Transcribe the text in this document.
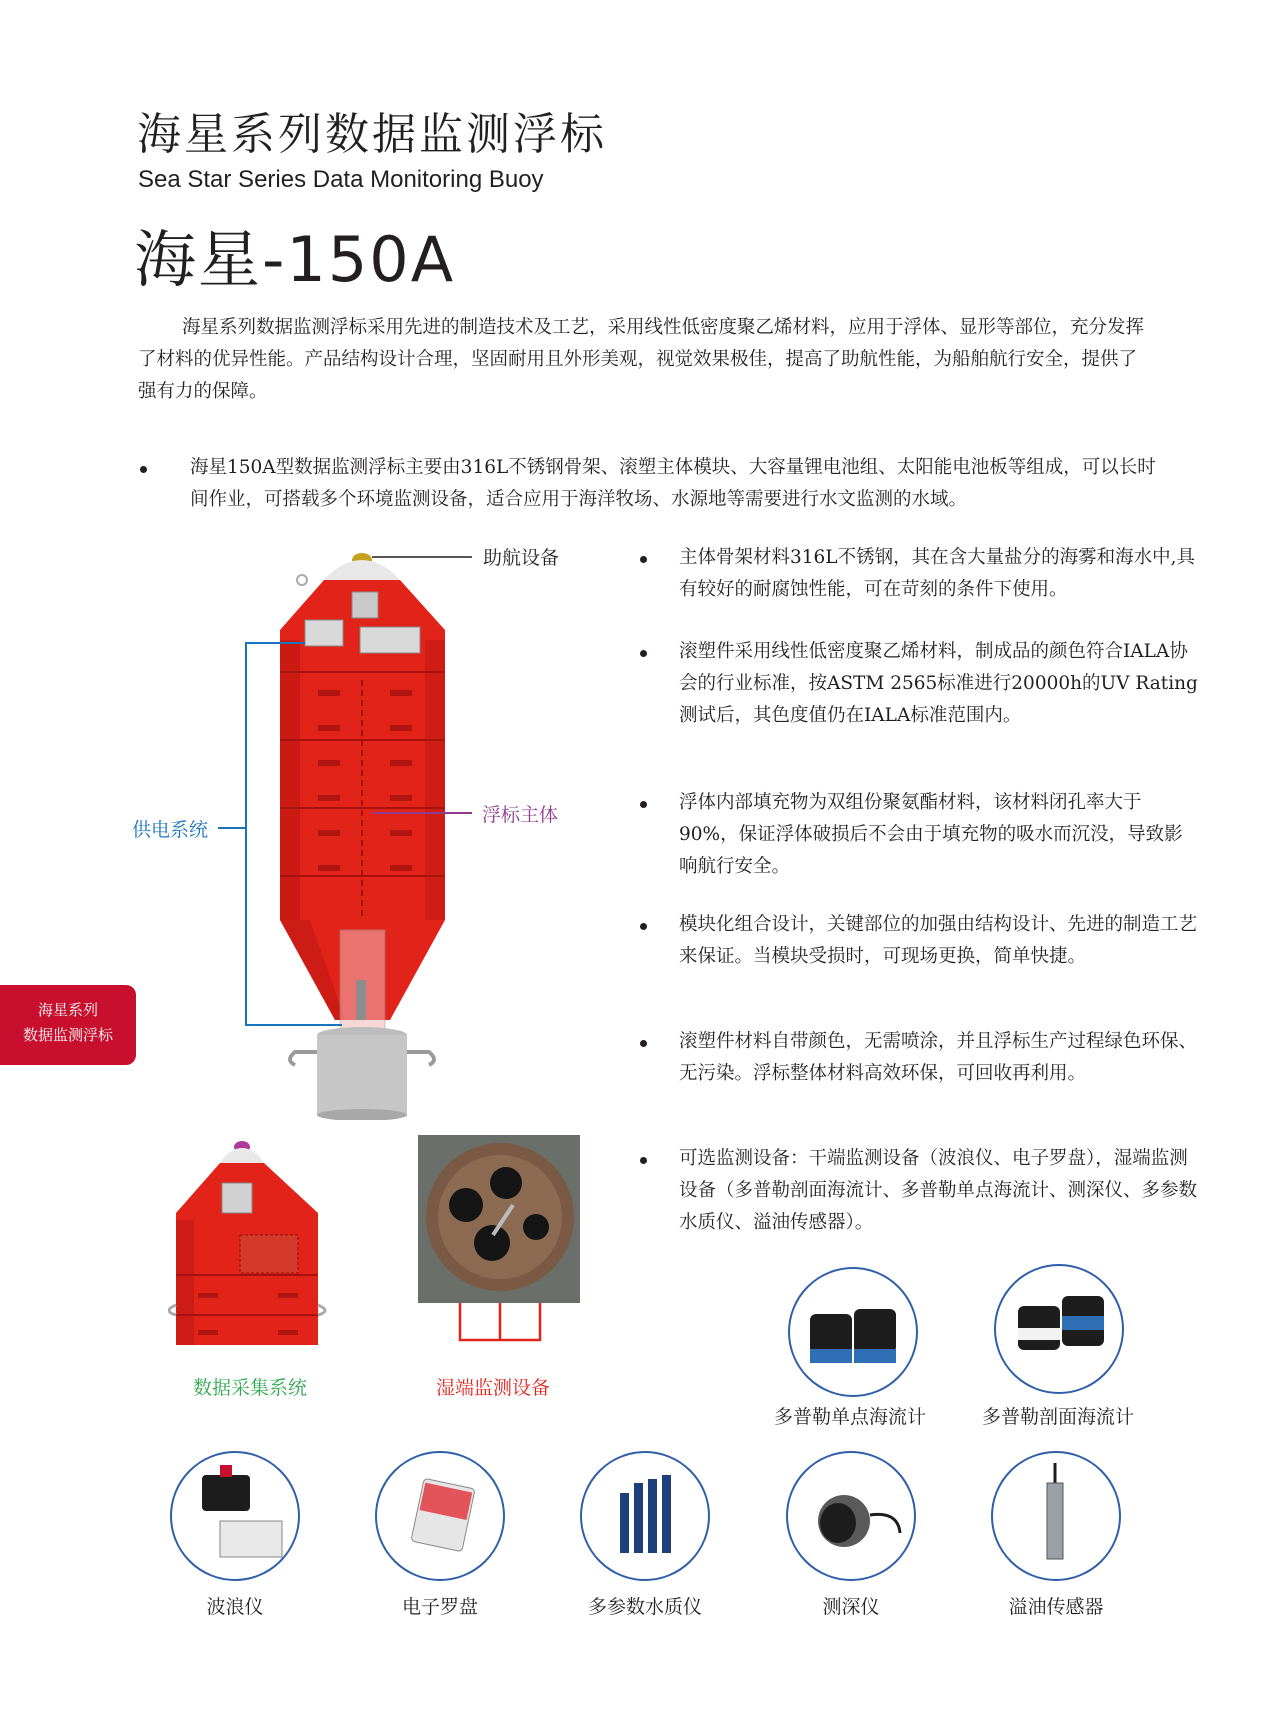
海星系列数据监测浮标
Sea Star Series Data Monitoring Buoy
海星-150A
海星系列数据监测浮标采用先进的制造技术及工艺，采用线性低密度聚乙烯材料，应用于浮体、显形等部位，充分发挥了材料的优异性能。产品结构设计合理，坚固耐用且外形美观，视觉效果极佳，提高了助航性能，为船舶航行安全，提供了强有力的保障。
海星150A型数据监测浮标主要由316L不锈钢骨架、滚塑主体模块、大容量锂电池组、太阳能电池板等组成，可以长时间作业，可搭载多个环境监测设备，适合应用于海洋牧场、水源地等需要进行水文监测的水域。
助航设备
浮标主体
供电系统
海星系列
数据监测浮标
数据采集系统	湿端监测设备
主体骨架材料316L不锈钢，其在含大量盐分的海雾和海水中,具有较好的耐腐蚀性能，可在苛刻的条件下使用。
滚塑件采用线性低密度聚乙烯材料，制成品的颜色符合IALA协会的行业标准，按ASTM 2565标准进行20000h的UV Rating测试后，其色度值仍在IALA标准范围内。
浮体内部填充物为双组份聚氨酯材料，该材料闭孔率大于90%，保证浮体破损后不会由于填充物的吸水而沉没，导致影响航行安全。
模块化组合设计，关键部位的加强由结构设计、先进的制造工艺来保证。当模块受损时，可现场更换，简单快捷。
滚塑件材料自带颜色，无需喷涂，并且浮标生产过程绿色环保、无污染。浮标整体材料高效环保，可回收再利用。
可选监测设备：干端监测设备（波浪仪、电子罗盘），湿端监测设备（多普勒剖面海流计、多普勒单点海流计、测深仪、多参数水质仪、溢油传感器）。
多普勒单点海流计	多普勒剖面海流计
波浪仪	电子罗盘	多参数水质仪	测深仪	溢油传感器
